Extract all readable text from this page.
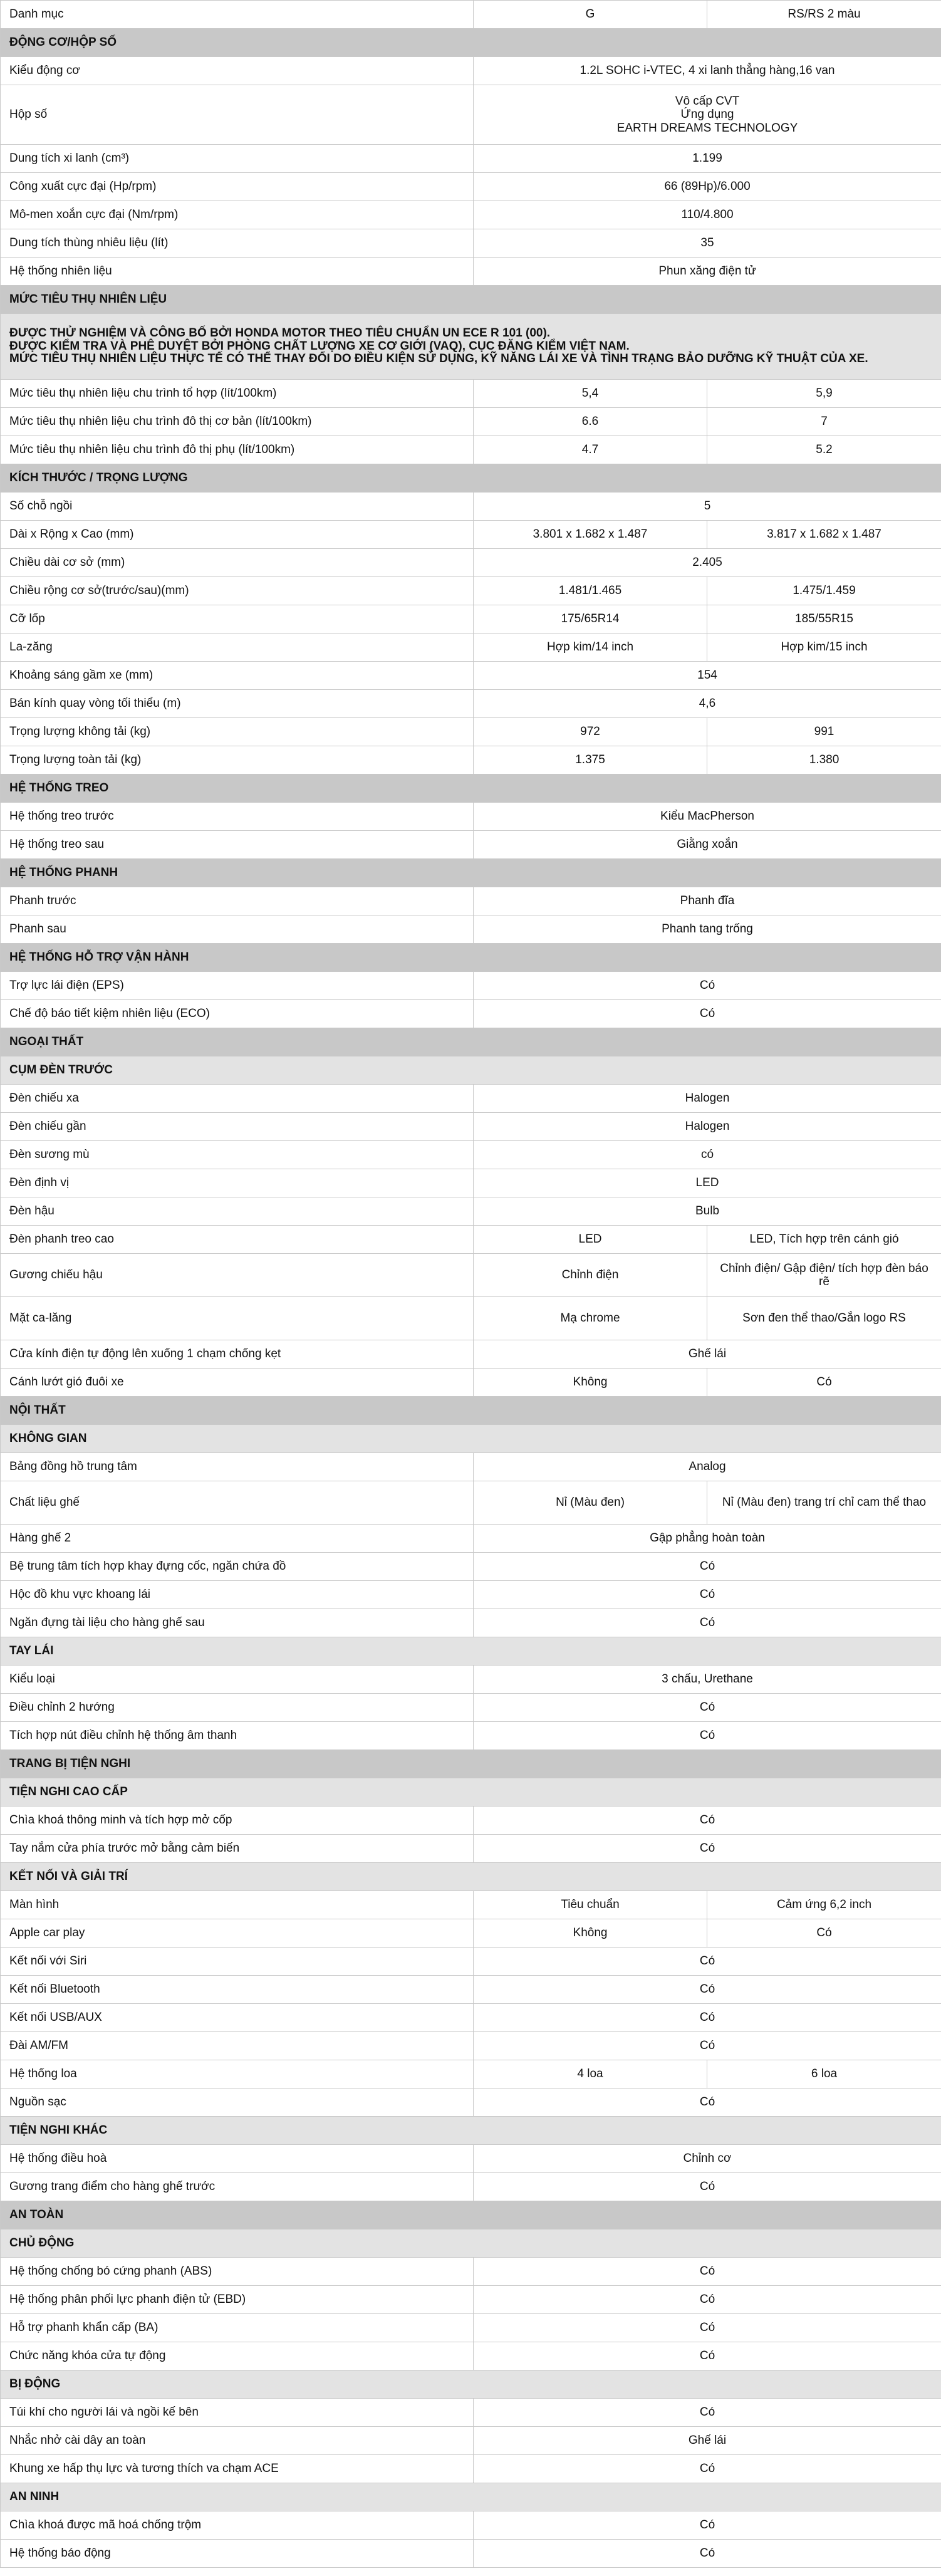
Danh mục	G	RS/RS 2 màu
ĐỘNG CƠ/HỘP SỐ		
Kiểu động cơ	1.2L SOHC i-VTEC, 4 xi lanh thẳng hàng,16 van	
Hộp số	Vô cấp CVT
Ứng dụng
EARTH DREAMS TECHNOLOGY	
Dung tích xi lanh (cm³)	1.199	
Công xuất cực đại (Hp/rpm)	66 (89Hp)/6.000	
Mô-men xoắn cực đại (Nm/rpm)	110/4.800	
Dung tích thùng nhiêu liệu (lít)	35	
Hệ thống nhiên liệu	Phun xăng điện tử	
MỨC TIÊU THỤ NHIÊN LIỆU		
ĐƯỢC THỬ NGHIỆM VÀ CÔNG BỐ BỞI HONDA MOTOR THEO TIÊU CHUẨN UN ECE R 101 (00).
ĐƯỢC KIỂM TRA VÀ PHÊ DUYỆT BỞI PHÒNG CHẤT LƯỢNG XE CƠ GIỚI (VAQ), CỤC ĐĂNG KIỂM VIỆT NAM.
MỨC TIÊU THỤ NHIÊN LIỆU THỰC TẾ CÓ THỂ THAY ĐỔI DO ĐIỀU KIỆN SỬ DỤNG, KỸ NĂNG LÁI XE VÀ TÌNH TRẠNG BẢO DƯỠNG KỸ THUẬT CỦA XE.		
Mức tiêu thụ nhiên liệu chu trình tổ hợp (lít/100km)	5,4	5,9
Mức tiêu thụ nhiên liệu chu trình đô thị cơ bản (lít/100km)	6.6	7
Mức tiêu thụ nhiên liệu chu trình đô thị phụ (lít/100km)	4.7	5.2
KÍCH THƯỚC / TRỌNG LƯỢNG		
Số chỗ ngồi	5	
Dài x Rộng x Cao (mm)	3.801 x 1.682 x 1.487	3.817 x 1.682 x 1.487
Chiều dài cơ sở (mm)	2.405	
Chiều rộng cơ sở(trước/sau)(mm)	1.481/1.465	1.475/1.459
Cỡ lốp	175/65R14	185/55R15
La-zăng	Hợp kim/14 inch	Hợp kim/15 inch
Khoảng sáng gầm xe (mm)	154	
Bán kính quay vòng tối thiểu (m)	4,6	
Trọng lượng không tải (kg)	972	991
Trọng lượng toàn tải (kg)	1.375	1.380
HỆ THỐNG TREO		
Hệ thống treo trước	Kiểu MacPherson	
Hệ thống treo sau	Giằng xoắn	
HỆ THỐNG PHANH		
Phanh trước	Phanh đĩa	
Phanh sau	Phanh tang trống	
HỆ THỐNG HỖ TRỢ VẬN HÀNH		
Trợ lực lái điện (EPS)	Có	
Chế độ báo tiết kiệm nhiên liệu (ECO)	Có	
NGOẠI THẤT		
CỤM ĐÈN TRƯỚC		
Đèn chiếu xa	Halogen	
Đèn chiếu gần	Halogen	
Đèn sương mù	có	
Đèn định vị	LED	
Đèn hậu	Bulb	
Đèn phanh treo cao	LED	LED, Tích hợp trên cánh gió
Gương chiếu hậu	Chỉnh điện	Chỉnh điện/ Gập điện/ tích hợp đèn báo rẽ
Mặt ca-lăng	Mạ chrome	Sơn đen thể thao/Gắn logo RS
Cửa kính điện tự động lên xuống 1 chạm chống kẹt	Ghế lái	
Cánh lướt gió đuôi xe	Không	Có
NỘI THẤT		
KHÔNG GIAN		
Bảng đồng hồ trung tâm	Analog	
Chất liệu ghế	Nỉ (Màu đen)	Nỉ (Màu đen) trang trí chỉ cam thể thao
Hàng ghế 2	Gập phẳng hoàn toàn	
Bệ trung tâm tích hợp khay đựng cốc, ngăn chứa đồ	Có	
Hộc đồ khu vực khoang lái	Có	
Ngăn đựng tài liệu cho hàng ghế sau	Có	
TAY LÁI		
Kiểu loại	3 chấu, Urethane	
Điều chỉnh 2 hướng	Có	
Tích hợp nút điều chỉnh hệ thống âm thanh	Có	
TRANG BỊ TIỆN NGHI		
TIỆN NGHI CAO CẤP		
Chìa khoá thông minh và tích hợp mở cốp	Có	
Tay nắm cửa phía trước mở bằng cảm biến	Có	
KẾT NỐI VÀ GIẢI TRÍ		
Màn hình	Tiêu chuẩn	Cảm ứng 6,2 inch
Apple car play	Không	Có
Kết nối với Siri	Có	
Kết nối Bluetooth	Có	
Kết nối USB/AUX	Có	
Đài AM/FM	Có	
Hệ thống loa	4 loa	6 loa
Nguồn sạc	Có	
TIỆN NGHI KHÁC		
Hệ thống điều hoà	Chỉnh cơ	
Gương trang điểm cho hàng ghế trước	Có	
AN TOÀN		
CHỦ ĐỘNG		
Hệ thống chống bó cứng phanh (ABS)	Có	
Hệ thống phân phối lực phanh điện tử (EBD)	Có	
Hỗ trợ phanh khẩn cấp (BA)	Có	
Chức năng khóa cửa tự động	Có	
BỊ ĐỘNG		
Túi khí cho người lái và ngồi kế bên	Có	
Nhắc nhở cài dây an toàn	Ghế lái	
Khung xe hấp thụ lực và tương thích va chạm ACE	Có	
AN NINH		
Chìa khoá được mã hoá chống trộm	Có	
Hệ thống báo động	Có	
